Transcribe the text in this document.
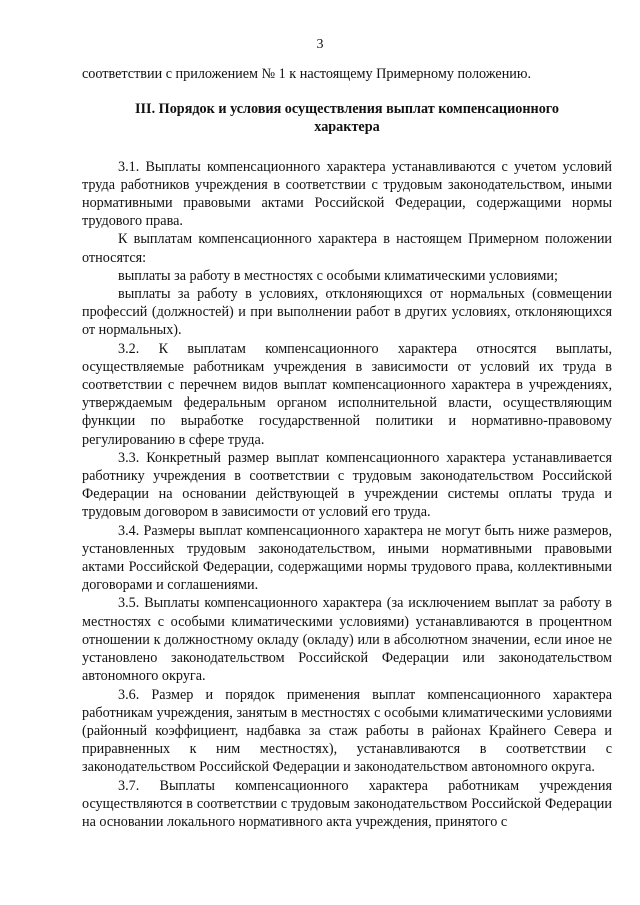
3

соответствии с приложением № 1 к настоящему Примерному положению.

III. Порядок и условия осуществления выплат компенсационного характера

3.1. Выплаты компенсационного характера устанавливаются с учетом условий труда работников учреждения в соответствии с трудовым законодательством, иными нормативными правовыми актами Российской Федерации, содержащими нормы трудового права.

К выплатам компенсационного характера в настоящем Примерном положении относятся:

выплаты за работу в местностях с особыми климатическими условиями;

выплаты за работу в условиях, отклоняющихся от нормальных (совмещении профессий (должностей) и при выполнении работ в других условиях, отклоняющихся от нормальных).

3.2. К выплатам компенсационного характера относятся выплаты, осуществляемые работникам учреждения в зависимости от условий их труда в соответствии с перечнем видов выплат компенсационного характера в учреждениях, утверждаемым федеральным органом исполнительной власти, осуществляющим функции по выработке государственной политики и нормативно-правовому регулированию в сфере труда.

3.3. Конкретный размер выплат компенсационного характера устанавливается работнику учреждения в соответствии с трудовым законодательством Российской Федерации на основании действующей в учреждении системы оплаты труда и трудовым договором в зависимости от условий его труда.

3.4. Размеры выплат компенсационного характера не могут быть ниже размеров, установленных трудовым законодательством, иными нормативными правовыми актами Российской Федерации, содержащими нормы трудового права, коллективными договорами и соглашениями.

3.5. Выплаты компенсационного характера (за исключением выплат за работу в местностях с особыми климатическими условиями) устанавливаются в процентном отношении к должностному окладу (окладу) или в абсолютном значении, если иное не установлено законодательством Российской Федерации или законодательством автономного округа.

3.6. Размер и порядок применения выплат компенсационного характера работникам учреждения, занятым в местностях с особыми климатическими условиями (районный коэффициент, надбавка за стаж работы в районах Крайнего Севера и приравненных к ним местностях), устанавливаются в соответствии с законодательством Российской Федерации и законодательством автономного округа.

3.7. Выплаты компенсационного характера работникам учреждения осуществляются в соответствии с трудовым законодательством Российской Федерации на основании локального нормативного акта учреждения, принятого с
